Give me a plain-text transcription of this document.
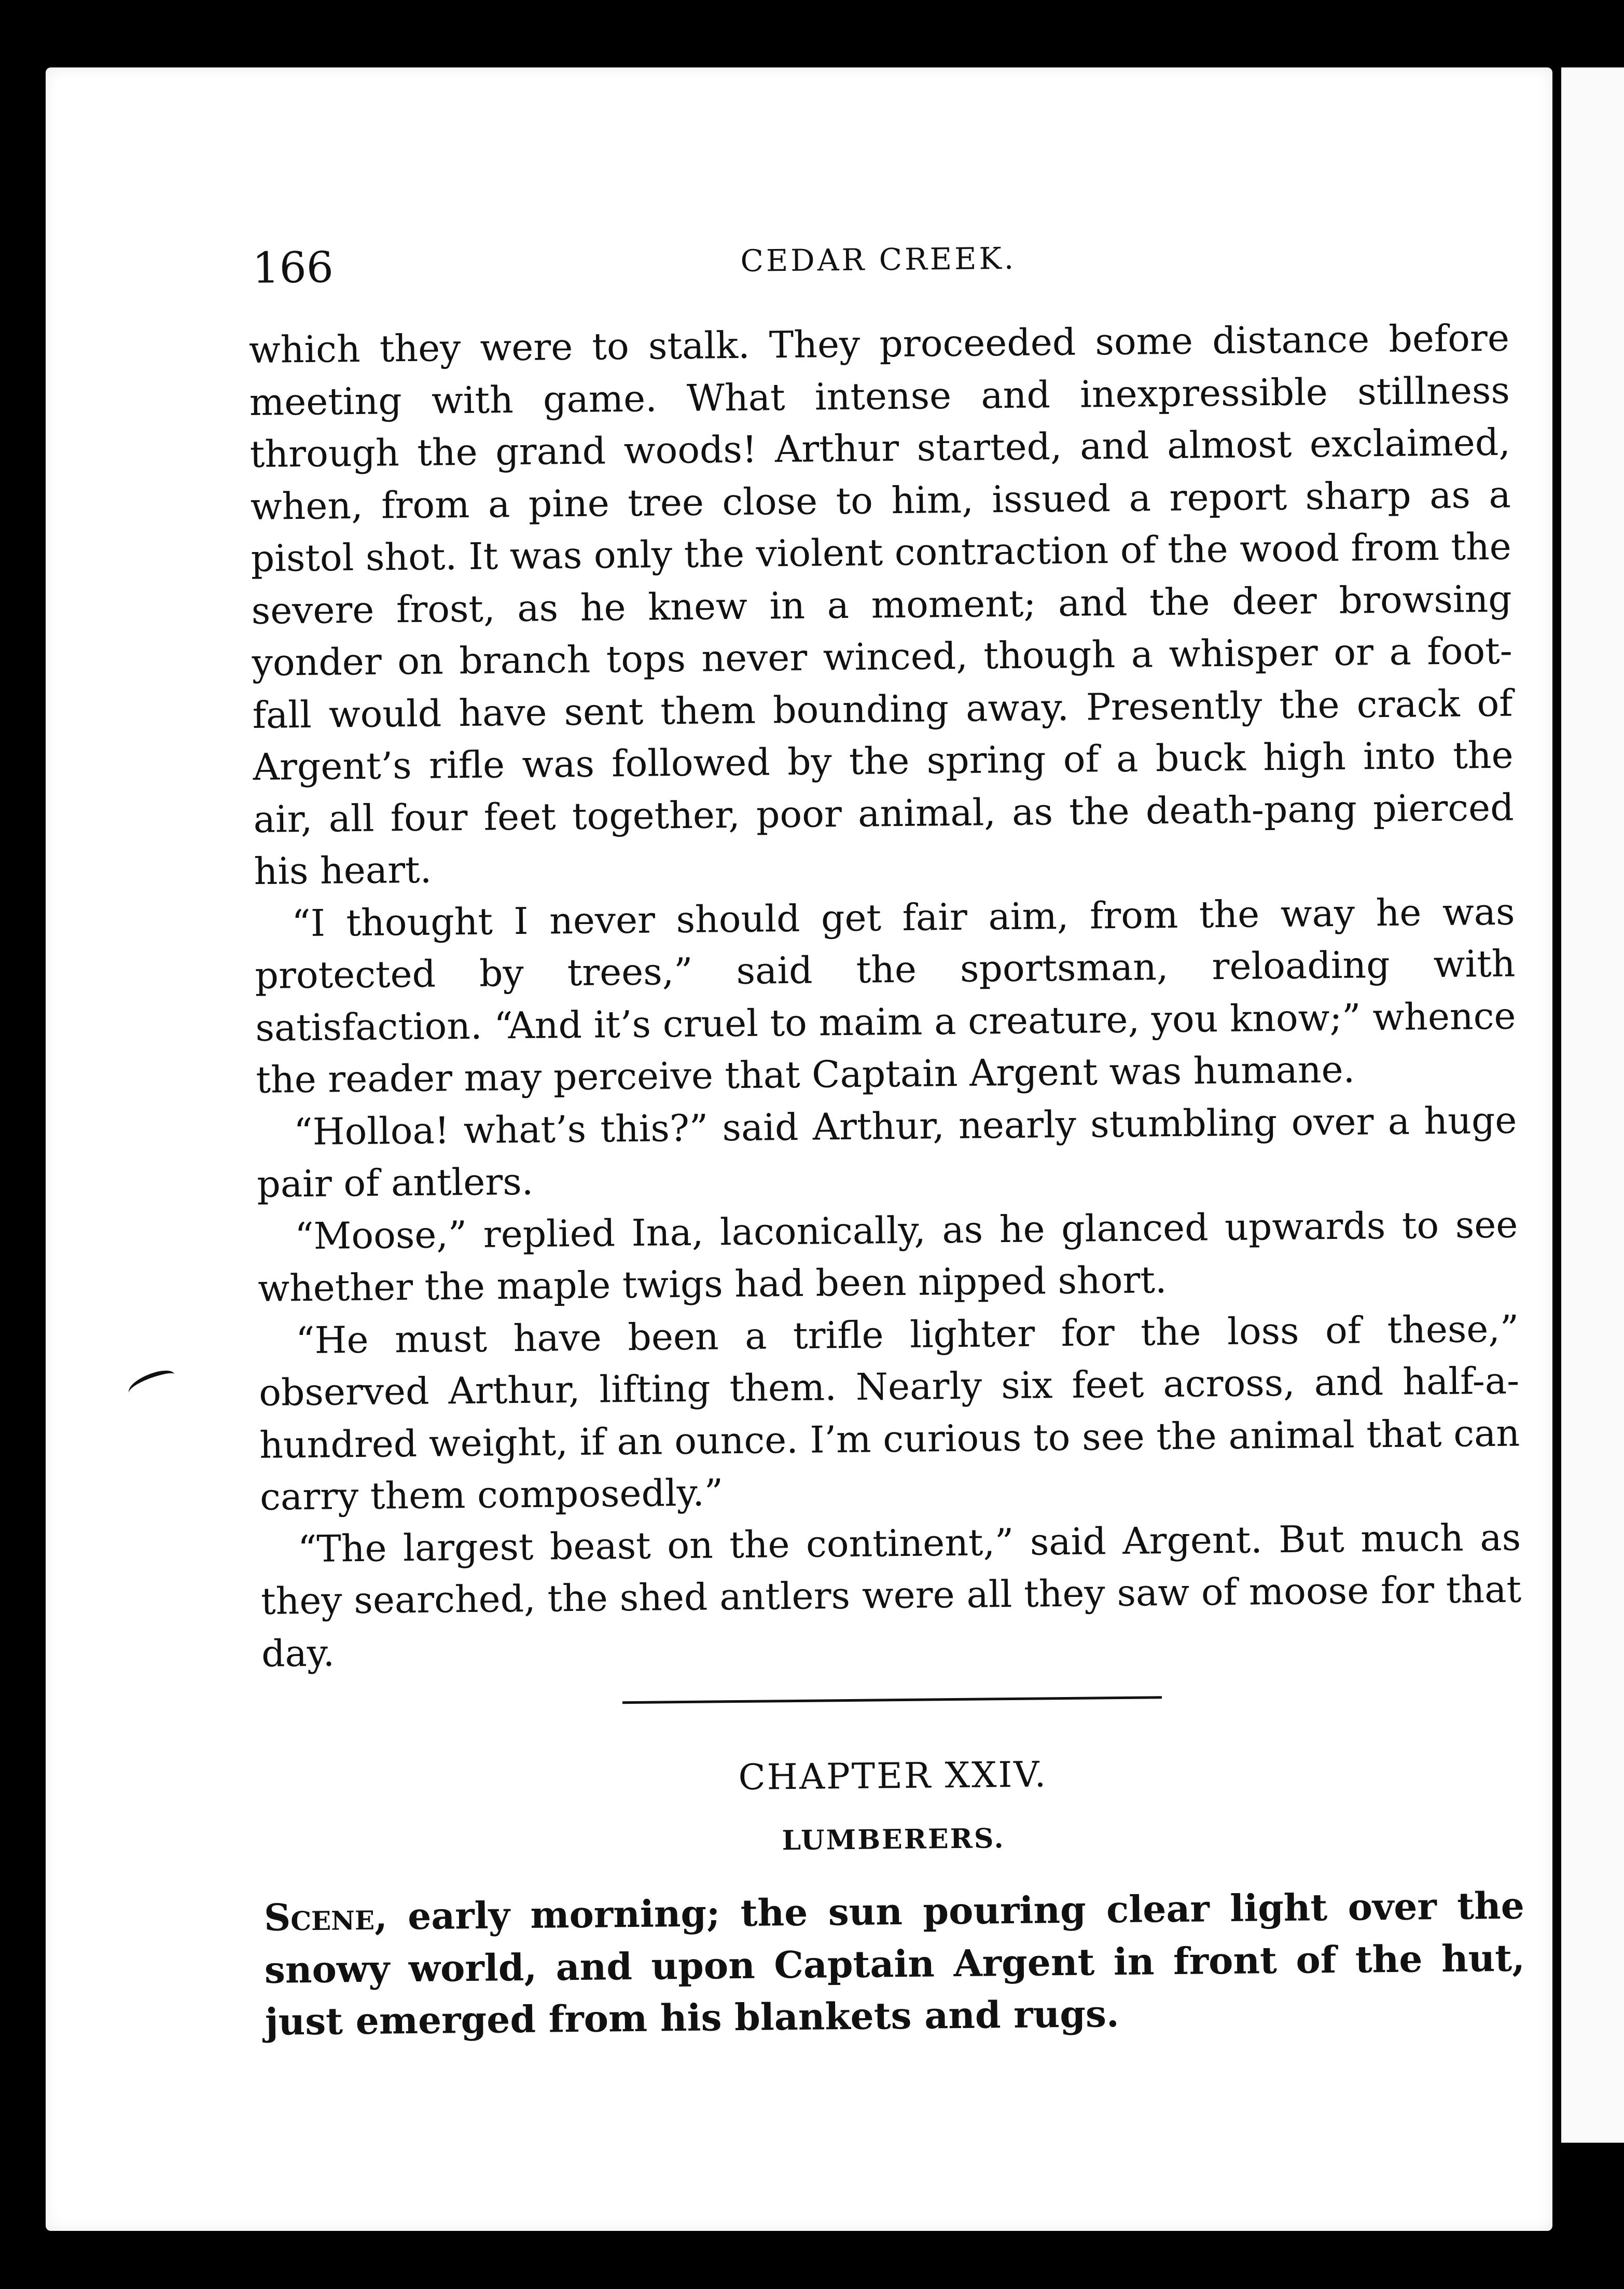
166	CEDAR CREEK.

which they were to stalk. They proceeded some distance before meeting with game. What intense and inexpressible stillness through the grand woods! Arthur started, and almost exclaimed, when, from a pine tree close to him, issued a report sharp as a pistol shot. It was only the violent contraction of the wood from the severe frost, as he knew in a moment; and the deer browsing yonder on branch tops never winced, though a whisper or a foot-fall would have sent them bounding away. Presently the crack of Argent’s rifle was followed by the spring of a buck high into the air, all four feet together, poor animal, as the death-pang pierced his heart.

“I thought I never should get fair aim, from the way he was protected by trees,” said the sportsman, reloading with satisfaction. “And it’s cruel to maim a creature, you know;” whence the reader may perceive that Captain Argent was humane.

“Holloa! what’s this?” said Arthur, nearly stumbling over a huge pair of antlers.

“Moose,” replied Ina, laconically, as he glanced upwards to see whether the maple twigs had been nipped short.

“He must have been a trifle lighter for the loss of these,” observed Arthur, lifting them. Nearly six feet across, and half-a-hundred weight, if an ounce. I’m curious to see the animal that can carry them composedly.”

“The largest beast on the continent,” said Argent. But much as they searched, the shed antlers were all they saw of moose for that day.

CHAPTER XXIV.
LUMBERERS.

Scene, early morning; the sun pouring clear light over the snowy world, and upon Captain Argent in front of the hut, just emerged from his blankets and rugs.
